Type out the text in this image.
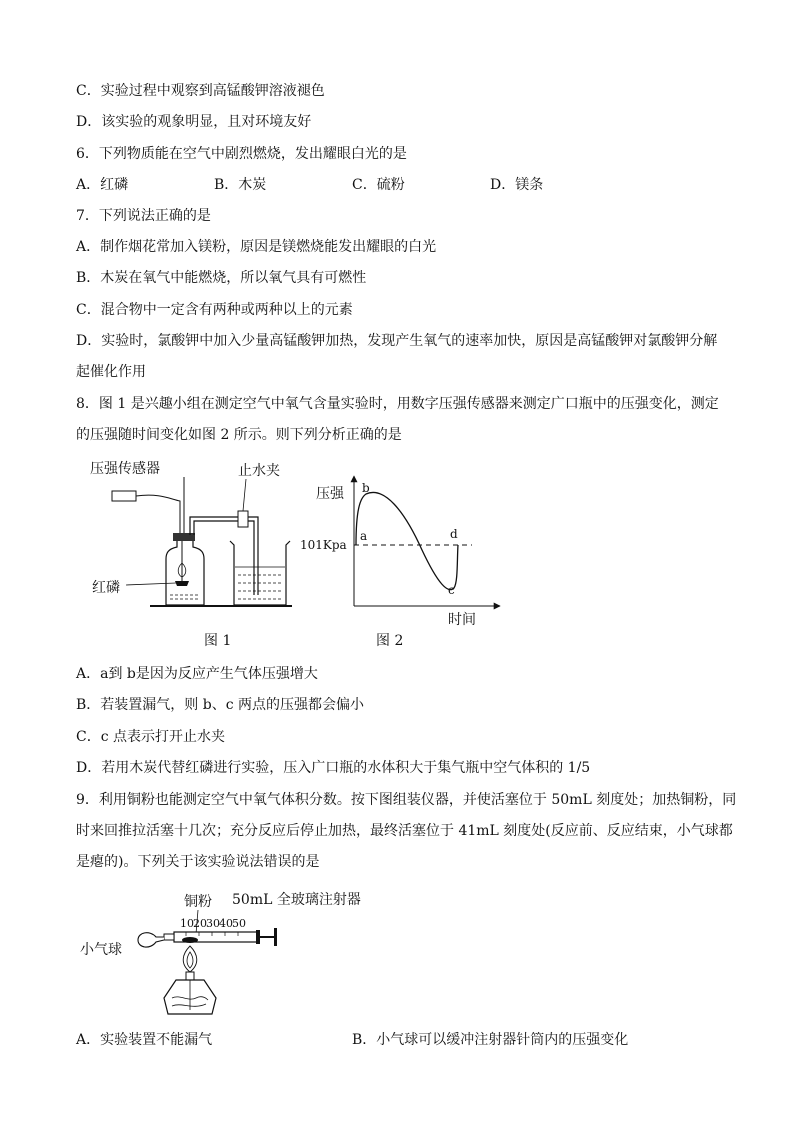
C．实验过程中观察到高锰酸钾溶液褪色
D．该实验的观象明显，且对环境友好
6．下列物质能在空气中剧烈燃烧，发出耀眼白光的是
A．红磷	B．木炭	C．硫粉	D．镁条
7．下列说法正确的是
A．制作烟花常加入镁粉，原因是镁燃烧能发出耀眼的白光
B．木炭在氧气中能燃烧，所以氧气具有可燃性
C．混合物中一定含有两种或两种以上的元素
D．实验时，氯酸钾中加入少量高锰酸钾加热，发现产生氧气的速率加快，原因是高锰酸钾对氯酸钾分解
起催化作用
8．图 1 是兴趣小组在测定空气中氧气含量实验时，用数字压强传感器来测定广口瓶中的压强变化，测定
的压强随时间变化如图 2 所示。则下列分析正确的是
压强传感器
红磷
止水夹
图 1
压强
时间
101Kpa
a
b
c
d
图 2
A．a到 b是因为反应产生气体压强增大
B．若装置漏气，则 b、c 两点的压强都会偏小
C．c 点表示打开止水夹
D．若用木炭代替红磷进行实验，压入广口瓶的水体积大于集气瓶中空气体积的 1/5
9．利用铜粉也能测定空气中氧气体积分数。按下图组装仪器，并使活塞位于 50mL 刻度处；加热铜粉，同
时来回推拉活塞十几次；充分反应后停止加热，最终活塞位于 41mL 刻度处(反应前、反应结束，小气球都
是瘪的)。下列关于该实验说法错误的是
铜粉 50mL 全玻璃注射器
10 20 30 40 50
小气球
A．实验装置不能漏气	B．小气球可以缓冲注射器针筒内的压强变化
